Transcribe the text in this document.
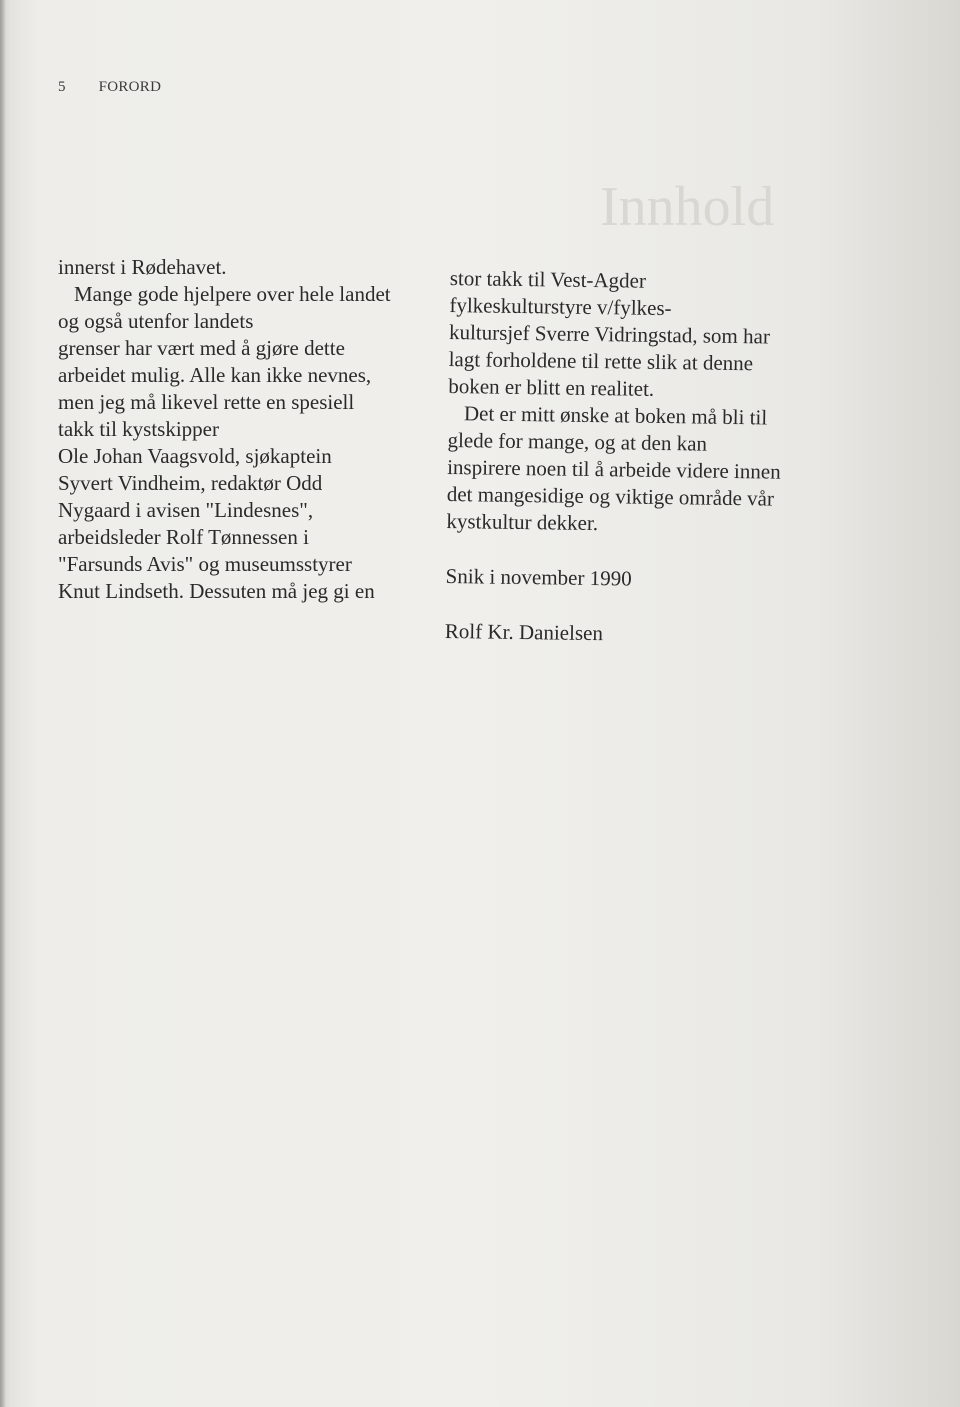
Innhold
5 FORORD
innerst i Rødehavet.
Mange gode hjelpere over hele landet
og også utenfor landets
grenser har vært med å gjøre dette
arbeidet mulig. Alle kan ikke nevnes,
men jeg må likevel rette en spesiell
takk til kystskipper
Ole Johan Vaagsvold, sjøkaptein
Syvert Vindheim, redaktør Odd
Nygaard i avisen "Lindesnes",
arbeidsleder Rolf Tønnessen i
"Farsunds Avis" og museumsstyrer
Knut Lindseth. Dessuten må jeg gi en
stor takk til Vest-Agder
fylkeskulturstyre v/fylkes-
kultursjef Sverre Vidringstad, som har
lagt forholdene til rette slik at denne
boken er blitt en realitet.
Det er mitt ønske at boken må bli til
glede for mange, og at den kan
inspirere noen til å arbeide videre innen
det mangesidige og viktige område vår
kystkultur dekker.
Snik i november 1990
Rolf Kr. Danielsen
